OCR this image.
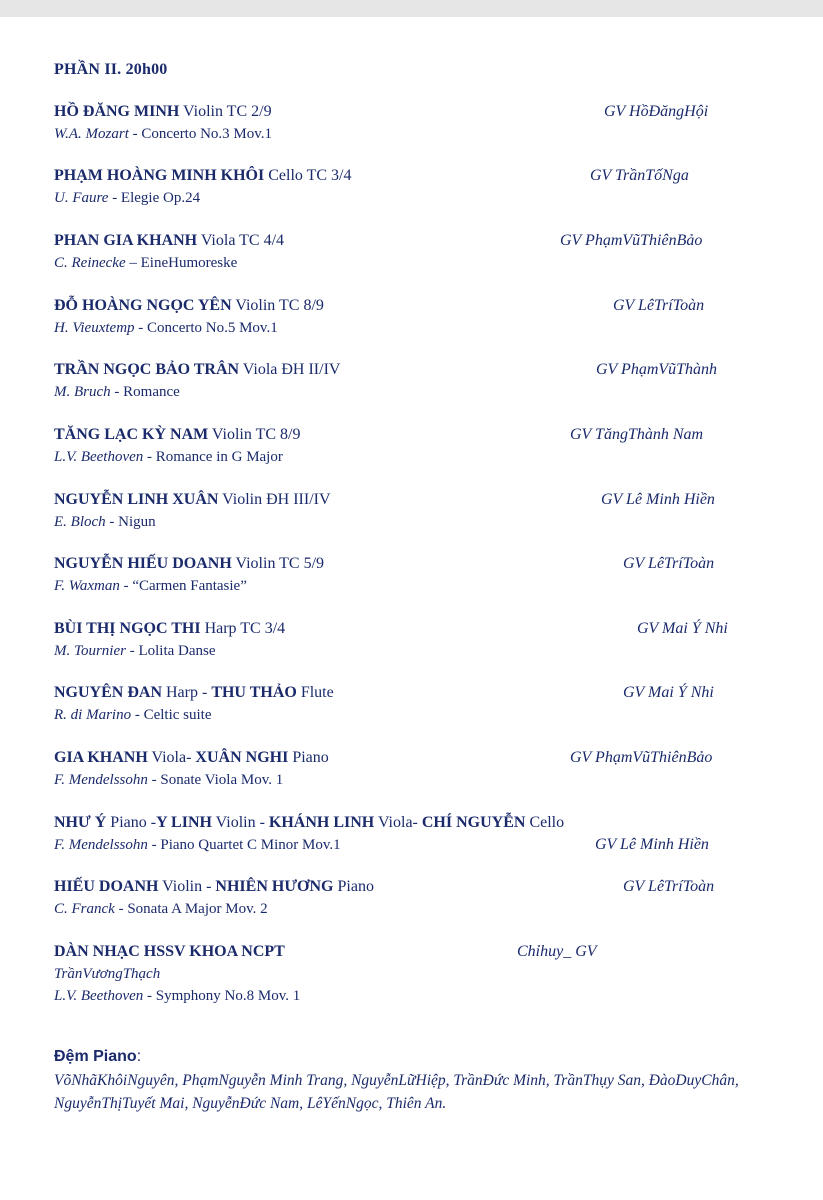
PHẦN II. 20h00
HỒ ĐĂNG MINH Violin TC 2/9
W.A. Mozart - Concerto No.3 Mov.1
GV HồĐăngHội
PHẠM HOÀNG MINH KHÔI Cello TC 3/4
U. Faure - Elegie Op.24
GV TrầnTốNga
PHAN GIA KHANH Viola TC 4/4
C. Reinecke – EineHumoreske
GV PhạmVũThiênBảo
ĐỖ HOÀNG NGỌC YÊN Violin TC 8/9
H. Vieuxtemp - Concerto No.5 Mov.1
GV LêTríToàn
TRẦN NGỌC BẢO TRÂN Viola ĐH II/IV
M. Bruch - Romance
GV PhạmVũThành
TĂNG LẠC KỲ NAM Violin TC 8/9
L.V. Beethoven - Romance in G Major
GV TăngThành Nam
NGUYỄN LINH XUÂN Violin ĐH III/IV
E. Bloch - Nigun
GV Lê Minh Hiền
NGUYỄN HIẾU DOANH Violin TC 5/9
F. Waxman - “Carmen Fantasie”
GV LêTríToàn
BÙI THỊ NGỌC THI Harp TC 3/4
M. Tournier - Lolita Danse
GV Mai Ý Nhi
NGUYÊN ĐAN Harp - THU THẢO Flute
R. di Marino - Celtic suite
GV Mai Ý Nhi
GIA KHANH Viola- XUÂN NGHI Piano
F. Mendelssohn - Sonate Viola Mov. 1
GV PhạmVũThiênBảo
NHƯ Ý Piano -Y LINH Violin - KHÁNH LINH Viola- CHÍ NGUYỄN Cello
F. Mendelssohn - Piano Quartet C Minor Mov.1	GV Lê Minh Hiền
HIẾU DOANH Violin - NHIÊN HƯƠNG Piano
C. Franck - Sonata A Major Mov. 2
GV LêTríToàn
DÀN NHẠC HSSV KHOA NCPT
TrầnVươngThạch
L.V. Beethoven - Symphony No.8 Mov. 1
Chỉhuy_ GV
Đệm Piano:
VõNhãKhôiNguyên, PhạmNguyễn Minh Trang, NguyễnLữHiệp, TrầnĐức Minh, TrầnThụy San, ĐàoDuyChân, NguyễnThịTuyết Mai, NguyễnĐức Nam, LêYếnNgọc, Thiên An.
